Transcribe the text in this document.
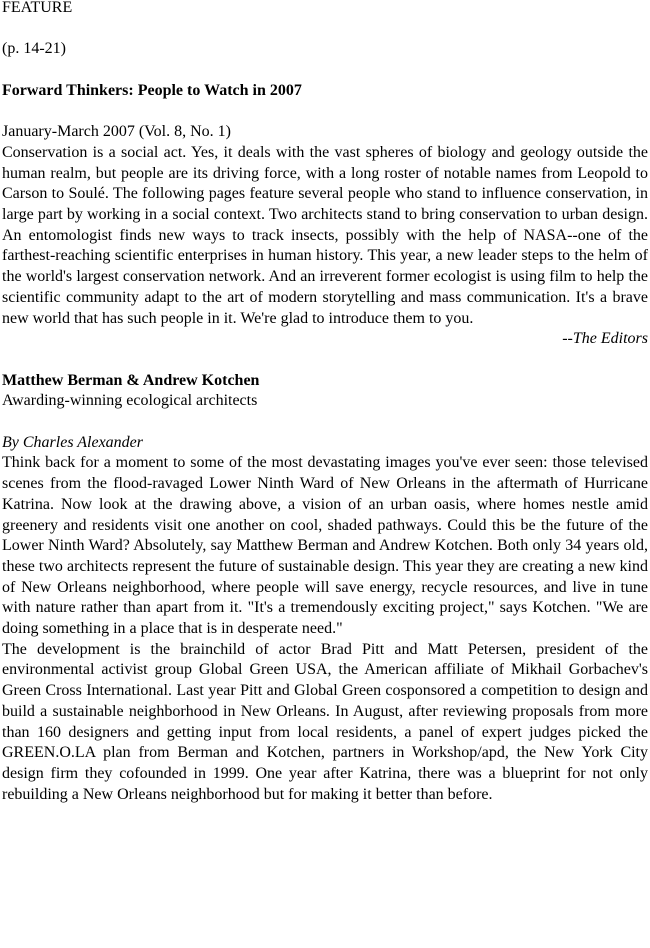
FEATURE

(p. 14-21)

Forward Thinkers: People to Watch in 2007

January-March 2007 (Vol. 8, No. 1)

Conservation is a social act. Yes, it deals with the vast spheres of biology and geology outside the human realm, but people are its driving force, with a long roster of notable names from Leopold to Carson to Soulé. The following pages feature several people who stand to influence conservation, in large part by working in a social context. Two architects stand to bring conservation to urban design. An entomologist finds new ways to track insects, possibly with the help of NASA--one of the farthest-reaching scientific enterprises in human history. This year, a new leader steps to the helm of the world's largest conservation network. And an irreverent former ecologist is using film to help the scientific community adapt to the art of modern storytelling and mass communication. It's a brave new world that has such people in it. We're glad to introduce them to you.

--The Editors

Matthew Berman & Andrew Kotchen

Awarding-winning ecological architects

By Charles Alexander

Think back for a moment to some of the most devastating images you've ever seen: those televised scenes from the flood-ravaged Lower Ninth Ward of New Orleans in the aftermath of Hurricane Katrina. Now look at the drawing above, a vision of an urban oasis, where homes nestle amid greenery and residents visit one another on cool, shaded pathways. Could this be the future of the Lower Ninth Ward? Absolutely, say Matthew Berman and Andrew Kotchen. Both only 34 years old, these two architects represent the future of sustainable design. This year they are creating a new kind of New Orleans neighborhood, where people will save energy, recycle resources, and live in tune with nature rather than apart from it. "It's a tremendously exciting project," says Kotchen. "We are doing something in a place that is in desperate need."

The development is the brainchild of actor Brad Pitt and Matt Petersen, president of the environmental activist group Global Green USA, the American affiliate of Mikhail Gorbachev's Green Cross International. Last year Pitt and Global Green cosponsored a competition to design and build a sustainable neighborhood in New Orleans. In August, after reviewing proposals from more than 160 designers and getting input from local residents, a panel of expert judges picked the GREEN.O.LA plan from Berman and Kotchen, partners in Workshop/apd, the New York City design firm they cofounded in 1999. One year after Katrina, there was a blueprint for not only rebuilding a New Orleans neighborhood but for making it better than before.
